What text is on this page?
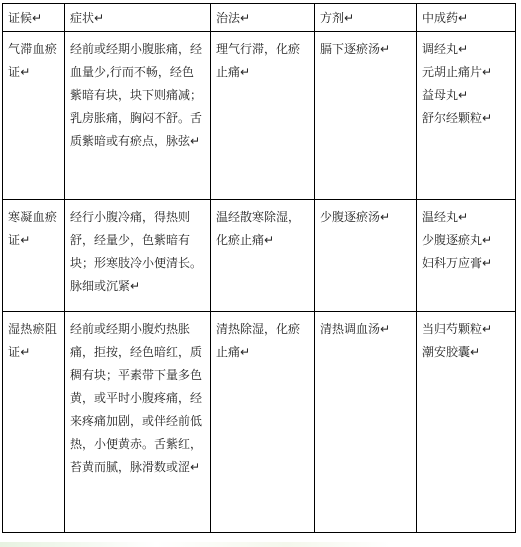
证候↵	症状↵	治法↵	方剂↵	中成药↵
气滞血瘀证↵	经前或经期小腹胀痛，经血量少,行而不畅，经色紫暗有块，块下则痛减；乳房胀痛，胸闷不舒。舌质紫暗或有瘀点，脉弦↵	理气行滞，化瘀止痛↵	膈下逐瘀汤↵	调经丸↵
元胡止痛片↵
益母丸↵
舒尔经颗粒↵

寒凝血瘀证↵	经行小腹冷痛，得热则舒，经量少，色紫暗有块；形寒肢冷小便清长。脉细或沉紧↵	温经散寒除湿，化瘀止痛↵	少腹逐瘀汤↵	温经丸↵
少腹逐瘀丸↵
妇科万应膏↵

湿热瘀阻证↵	经前或经期小腹灼热胀痛，拒按，经色暗红，质稠有块；平素带下量多色黄，或平时小腹疼痛，经来疼痛加剧，或伴经前低热，小便黄赤。舌紫红，苔黄而腻，脉滑数或涩↵	清热除湿，化瘀止痛↵	清热调血汤↵	当归芍颗粒↵
潮安胶囊↵
